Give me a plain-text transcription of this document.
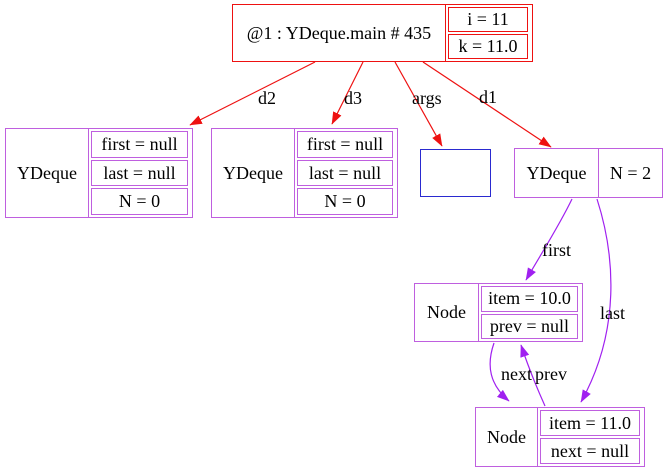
@1 : YDeque.main # 435
i = 11
k = 11.0
YDeque
first = null
last = null
N = 0
YDeque
first = null
last = null
N = 0
YDeque	N = 2
Node
item = 10.0
prev = null
Node
item = 11.0
next = null
d2	d3	args d1
first
last
next prev
